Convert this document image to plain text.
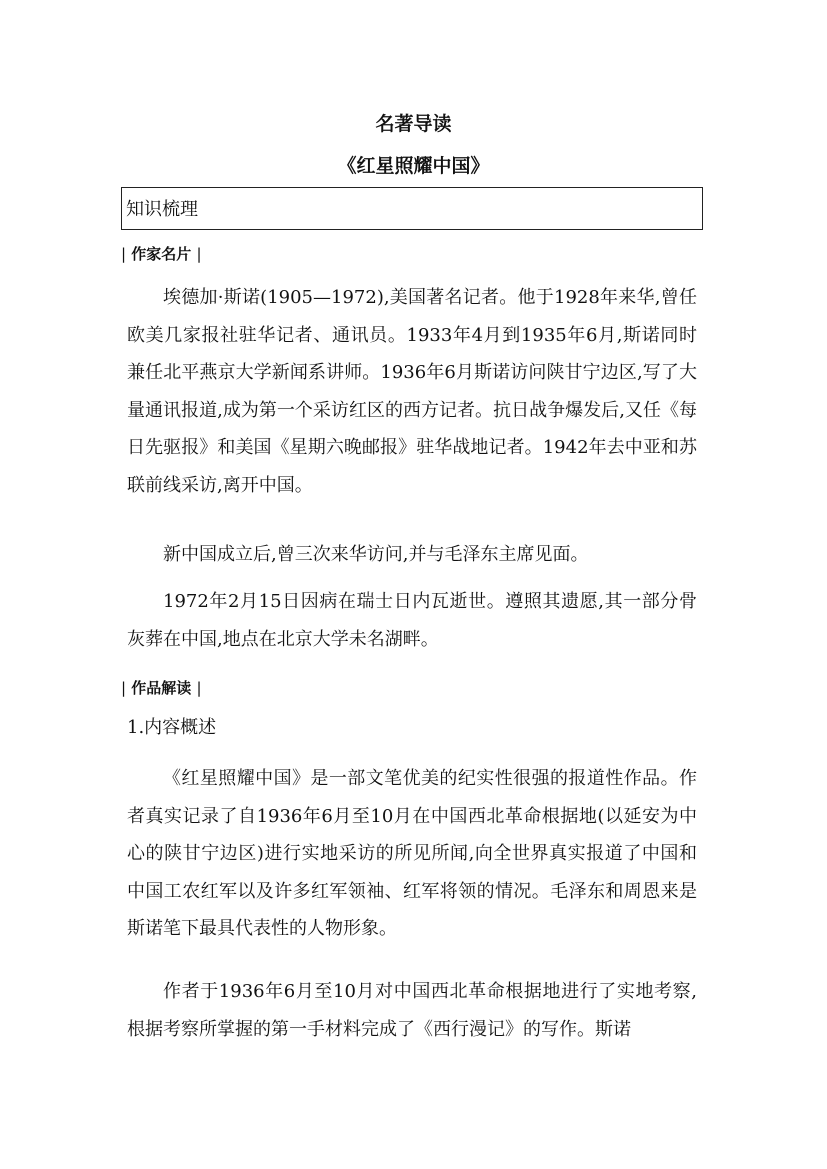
名著导读
《红星照耀中国》
知识梳理
| 作家名片 |

埃德加·斯诺(1905—1972),美国著名记者。他于1928年来华,曾任欧美几家报社驻华记者、通讯员。1933年4月到1935年6月,斯诺同时兼任北平燕京大学新闻系讲师。1936年6月斯诺访问陕甘宁边区,写了大量通讯报道,成为第一个采访红区的西方记者。抗日战争爆发后,又任《每日先驱报》和美国《星期六晚邮报》驻华战地记者。1942年去中亚和苏联前线采访,离开中国。

新中国成立后,曾三次来华访问,并与毛泽东主席见面。

1972年2月15日因病在瑞士日内瓦逝世。遵照其遗愿,其一部分骨灰葬在中国,地点在北京大学未名湖畔。

| 作品解读 |

1.内容概述

《红星照耀中国》是一部文笔优美的纪实性很强的报道性作品。作者真实记录了自1936年6月至10月在中国西北革命根据地(以延安为中心的陕甘宁边区)进行实地采访的所见所闻,向全世界真实报道了中国和中国工农红军以及许多红军领袖、红军将领的情况。毛泽东和周恩来是斯诺笔下最具代表性的人物形象。

作者于1936年6月至10月对中国西北革命根据地进行了实地考察,根据考察所掌握的第一手材料完成了《西行漫记》的写作。斯诺
